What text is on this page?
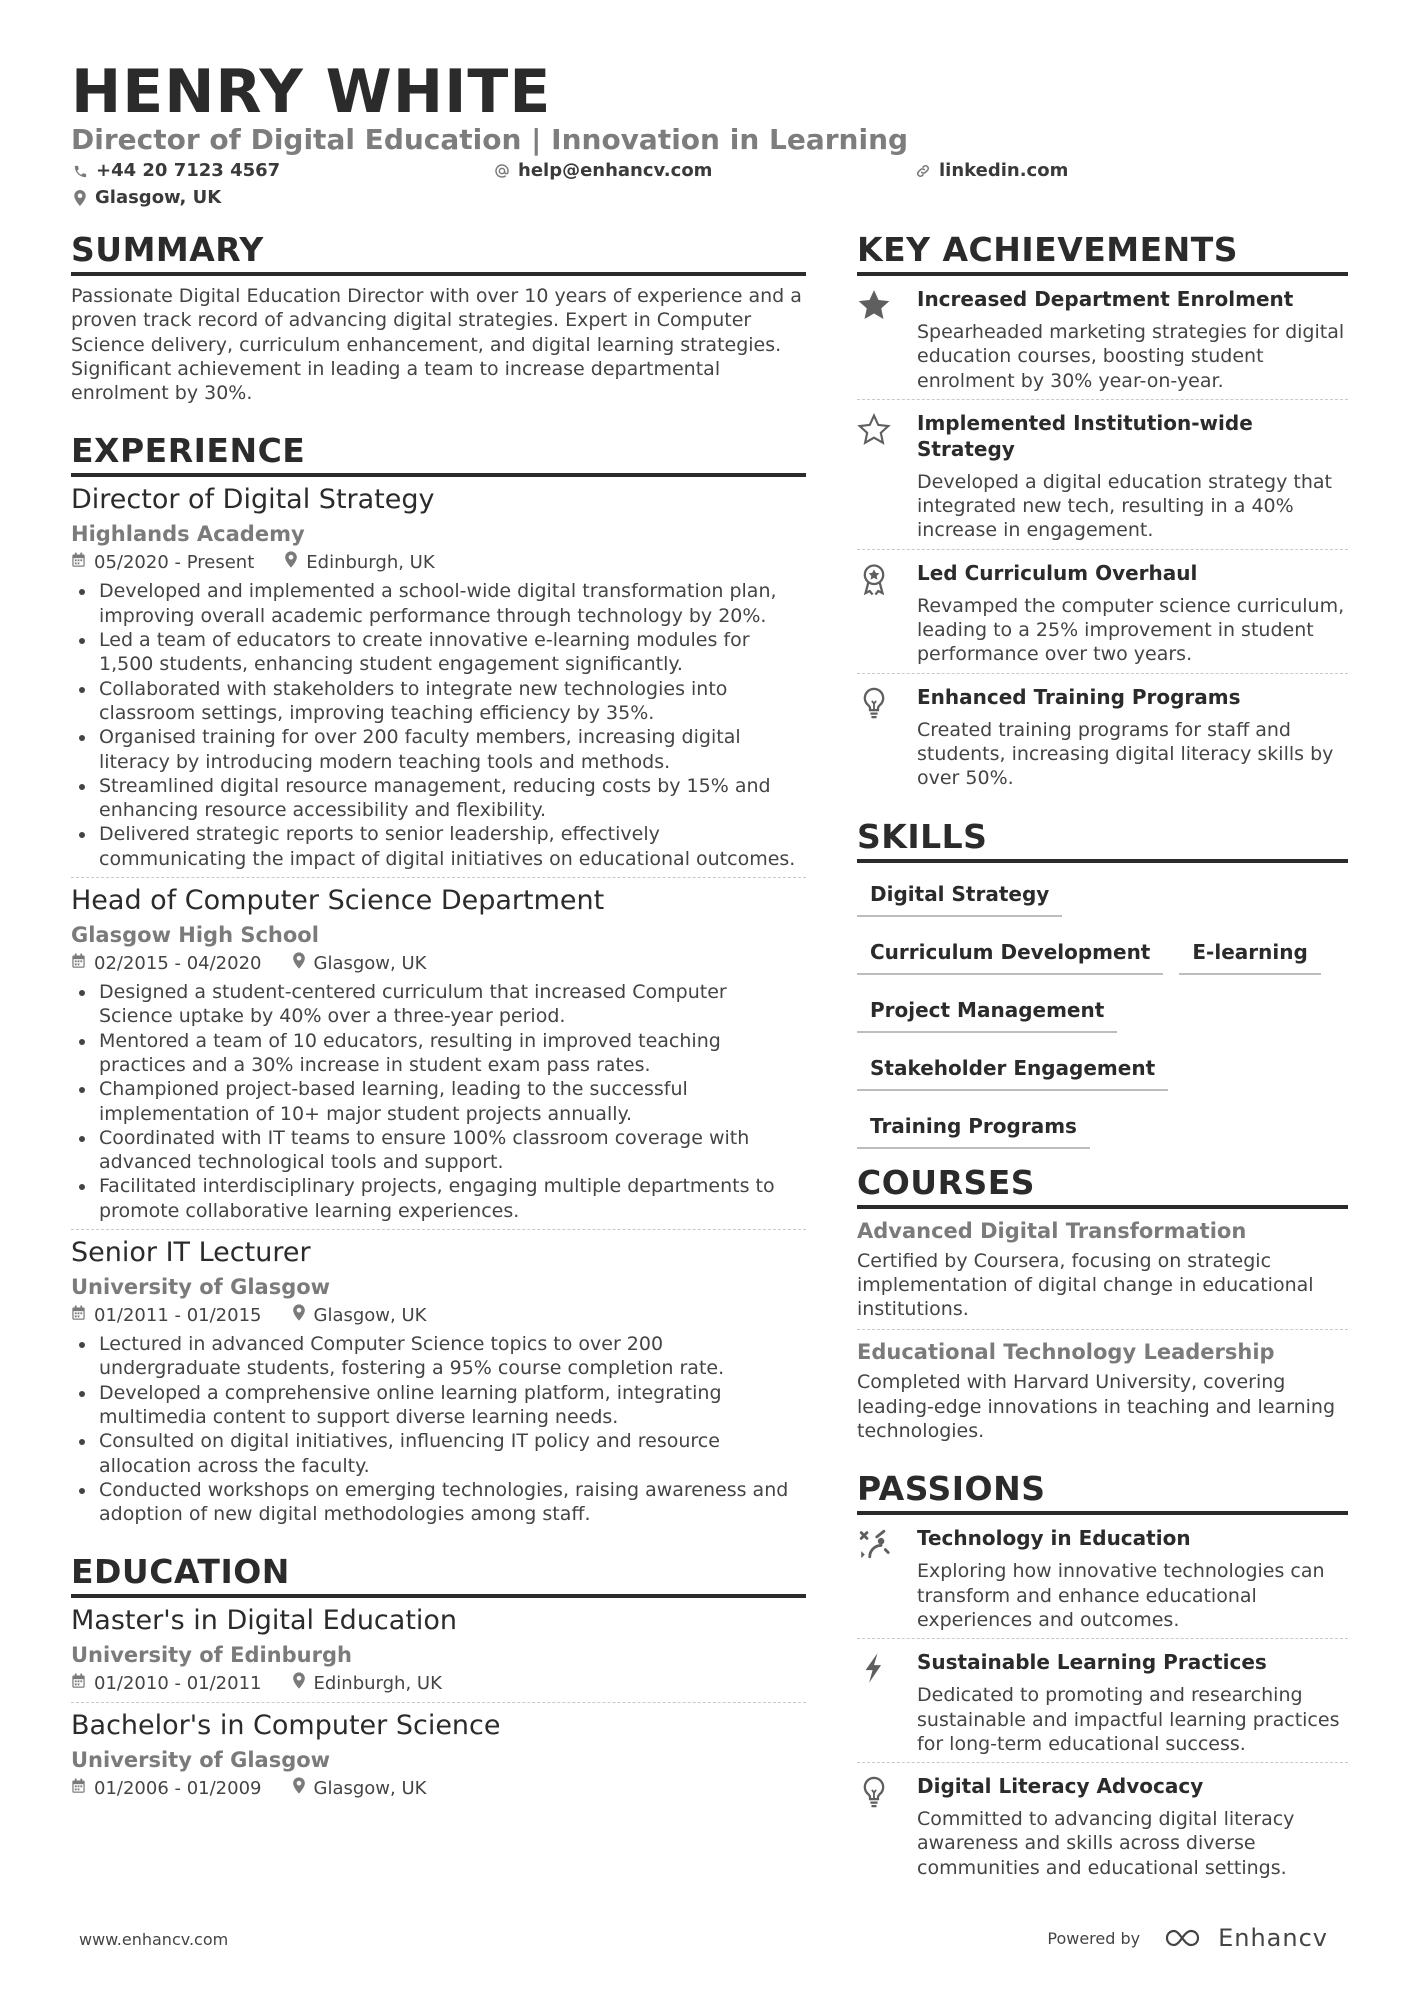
HENRY WHITE
Director of Digital Education | Innovation in Learning
+44 20 7123 4567	help@enhancv.com	linkedin.com
Glasgow, UK
SUMMARY

Passionate Digital Education Director with over 10 years of experience and a proven track record of advancing digital strategies. Expert in Computer Science delivery, curriculum enhancement, and digital learning strategies. Significant achievement in leading a team to increase departmental enrolment by 30%.

EXPERIENCE
Director of Digital Strategy
Highlands Academy
05/2020 - Present	Edinburgh, UK
Developed and implemented a school-wide digital transformation plan, improving overall academic performance through technology by 20%.
Led a team of educators to create innovative e-learning modules for 1,500 students, enhancing student engagement significantly.
Collaborated with stakeholders to integrate new technologies into classroom settings, improving teaching efficiency by 35%.
Organised training for over 200 faculty members, increasing digital literacy by introducing modern teaching tools and methods.
Streamlined digital resource management, reducing costs by 15% and enhancing resource accessibility and flexibility.
Delivered strategic reports to senior leadership, effectively communicating the impact of digital initiatives on educational outcomes.
Head of Computer Science Department
Glasgow High School
02/2015 - 04/2020	Glasgow, UK
Designed a student-centered curriculum that increased Computer Science uptake by 40% over a three-year period.
Mentored a team of 10 educators, resulting in improved teaching practices and a 30% increase in student exam pass rates.
Championed project-based learning, leading to the successful implementation of 10+ major student projects annually.
Coordinated with IT teams to ensure 100% classroom coverage with advanced technological tools and support.
Facilitated interdisciplinary projects, engaging multiple departments to promote collaborative learning experiences.
Senior IT Lecturer
University of Glasgow
01/2011 - 01/2015	Glasgow, UK
Lectured in advanced Computer Science topics to over 200 undergraduate students, fostering a 95% course completion rate.
Developed a comprehensive online learning platform, integrating multimedia content to support diverse learning needs.
Consulted on digital initiatives, influencing IT policy and resource allocation across the faculty.
Conducted workshops on emerging technologies, raising awareness and adoption of new digital methodologies among staff.
EDUCATION
Master's in Digital Education
University of Edinburgh
01/2010 - 01/2011	Edinburgh, UK
Bachelor's in Computer Science
University of Glasgow
01/2006 - 01/2009	Glasgow, UK
KEY ACHIEVEMENTS
Increased Department Enrolment
Spearheaded marketing strategies for digital education courses, boosting student enrolment by 30% year-on-year.
Implemented Institution-wide Strategy
Developed a digital education strategy that integrated new tech, resulting in a 40% increase in engagement.
Led Curriculum Overhaul
Revamped the computer science curriculum, leading to a 25% improvement in student performance over two years.
Enhanced Training Programs
Created training programs for staff and students, increasing digital literacy skills by over 50%.
SKILLS
Digital Strategy
Curriculum Development	E-learning
Project Management
Stakeholder Engagement
Training Programs
COURSES
Advanced Digital Transformation
Certified by Coursera, focusing on strategic implementation of digital change in educational institutions.
Educational Technology Leadership
Completed with Harvard University, covering leading-edge innovations in teaching and learning technologies.
PASSIONS
Technology in Education
Exploring how innovative technologies can transform and enhance educational experiences and outcomes.
Sustainable Learning Practices
Dedicated to promoting and researching sustainable and impactful learning practices for long-term educational success.
Digital Literacy Advocacy
Committed to advancing digital literacy awareness and skills across diverse communities and educational settings.
www.enhancv.com	Powered by	Enhancv
